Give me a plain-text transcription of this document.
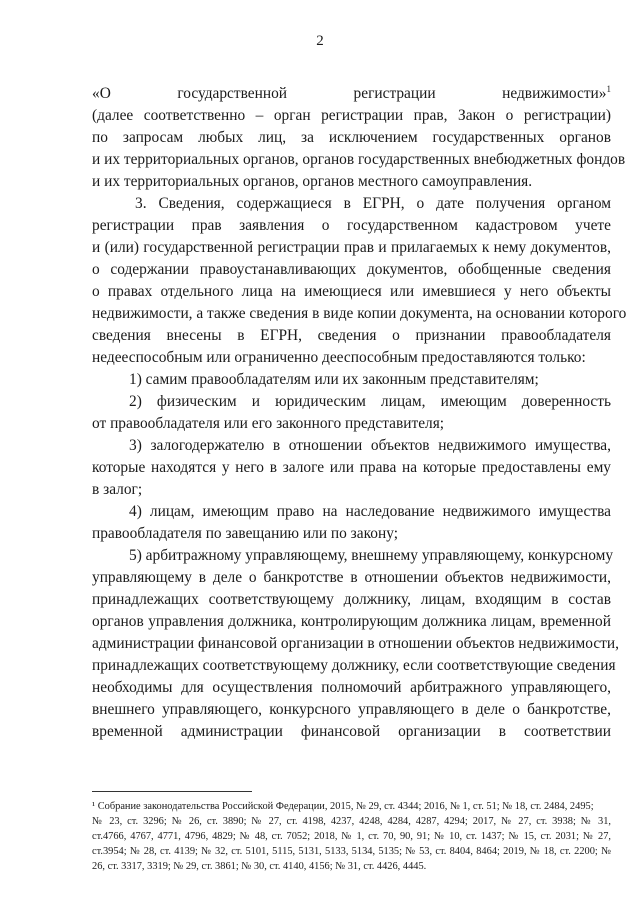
2
«О государственной регистрации недвижимости»$^1$
(далее соответственно – орган регистрации прав, Закон о регистрации)
по запросам любых лиц, за исключением государственных органов
и их территориальных органов, органов государственных внебюджетных фондов
и их территориальных органов, органов местного самоуправления.
3. Сведения, содержащиеся в ЕГРН, о дате получения органом
регистрации прав заявления о государственном кадастровом учете
и (или) государственной регистрации прав и прилагаемых к нему документов,
о содержании правоустанавливающих документов, обобщенные сведения
о правах отдельного лица на имеющиеся или имевшиеся у него объекты
недвижимости, а также сведения в виде копии документа, на основании которого
сведения внесены в ЕГРН, сведения о признании правообладателя
недееспособным или ограниченно дееспособным предоставляются только:
1) самим правообладателям или их законным представителям;
2) физическим и юридическим лицам, имеющим доверенность
от правообладателя или его законного представителя;
3) залогодержателю в отношении объектов недвижимого имущества,
которые находятся у него в залоге или права на которые предоставлены ему
в залог;
4) лицам, имеющим право на наследование недвижимого имущества
правообладателя по завещанию или по закону;
5) арбитражному управляющему, внешнему управляющему, конкурсному
управляющему в деле о банкротстве в отношении объектов недвижимости,
принадлежащих соответствующему должнику, лицам, входящим в состав
органов управления должника, контролирующим должника лицам, временной
администрации финансовой организации в отношении объектов недвижимости,
принадлежащих соответствующему должнику, если соответствующие сведения
необходимы для осуществления полномочий арбитражного управляющего,
внешнего управляющего, конкурсного управляющего в деле о банкротстве,
временной администрации финансовой организации в соответствии
¹ Собрание законодательства Российской Федерации, 2015, № 29, ст. 4344; 2016, № 1, ст. 51; № 18, ст. 2484, 2495;
№ 23, ст. 3296; № 26, ст. 3890; № 27, ст. 4198, 4237, 4248, 4284, 4287, 4294; 2017, № 27, ст. 3938; № 31,
ст.4766, 4767, 4771, 4796, 4829; № 48, ст. 7052; 2018, № 1, ст. 70, 90, 91; № 10, ст. 1437; № 15, ст. 2031; № 27,
ст.3954; № 28, ст. 4139; № 32, ст. 5101, 5115, 5131, 5133, 5134, 5135; № 53, ст. 8404, 8464; 2019, № 18, ст. 2200; №
26, ст. 3317, 3319; № 29, ст. 3861; № 30, ст. 4140, 4156; № 31, ст. 4426, 4445.
